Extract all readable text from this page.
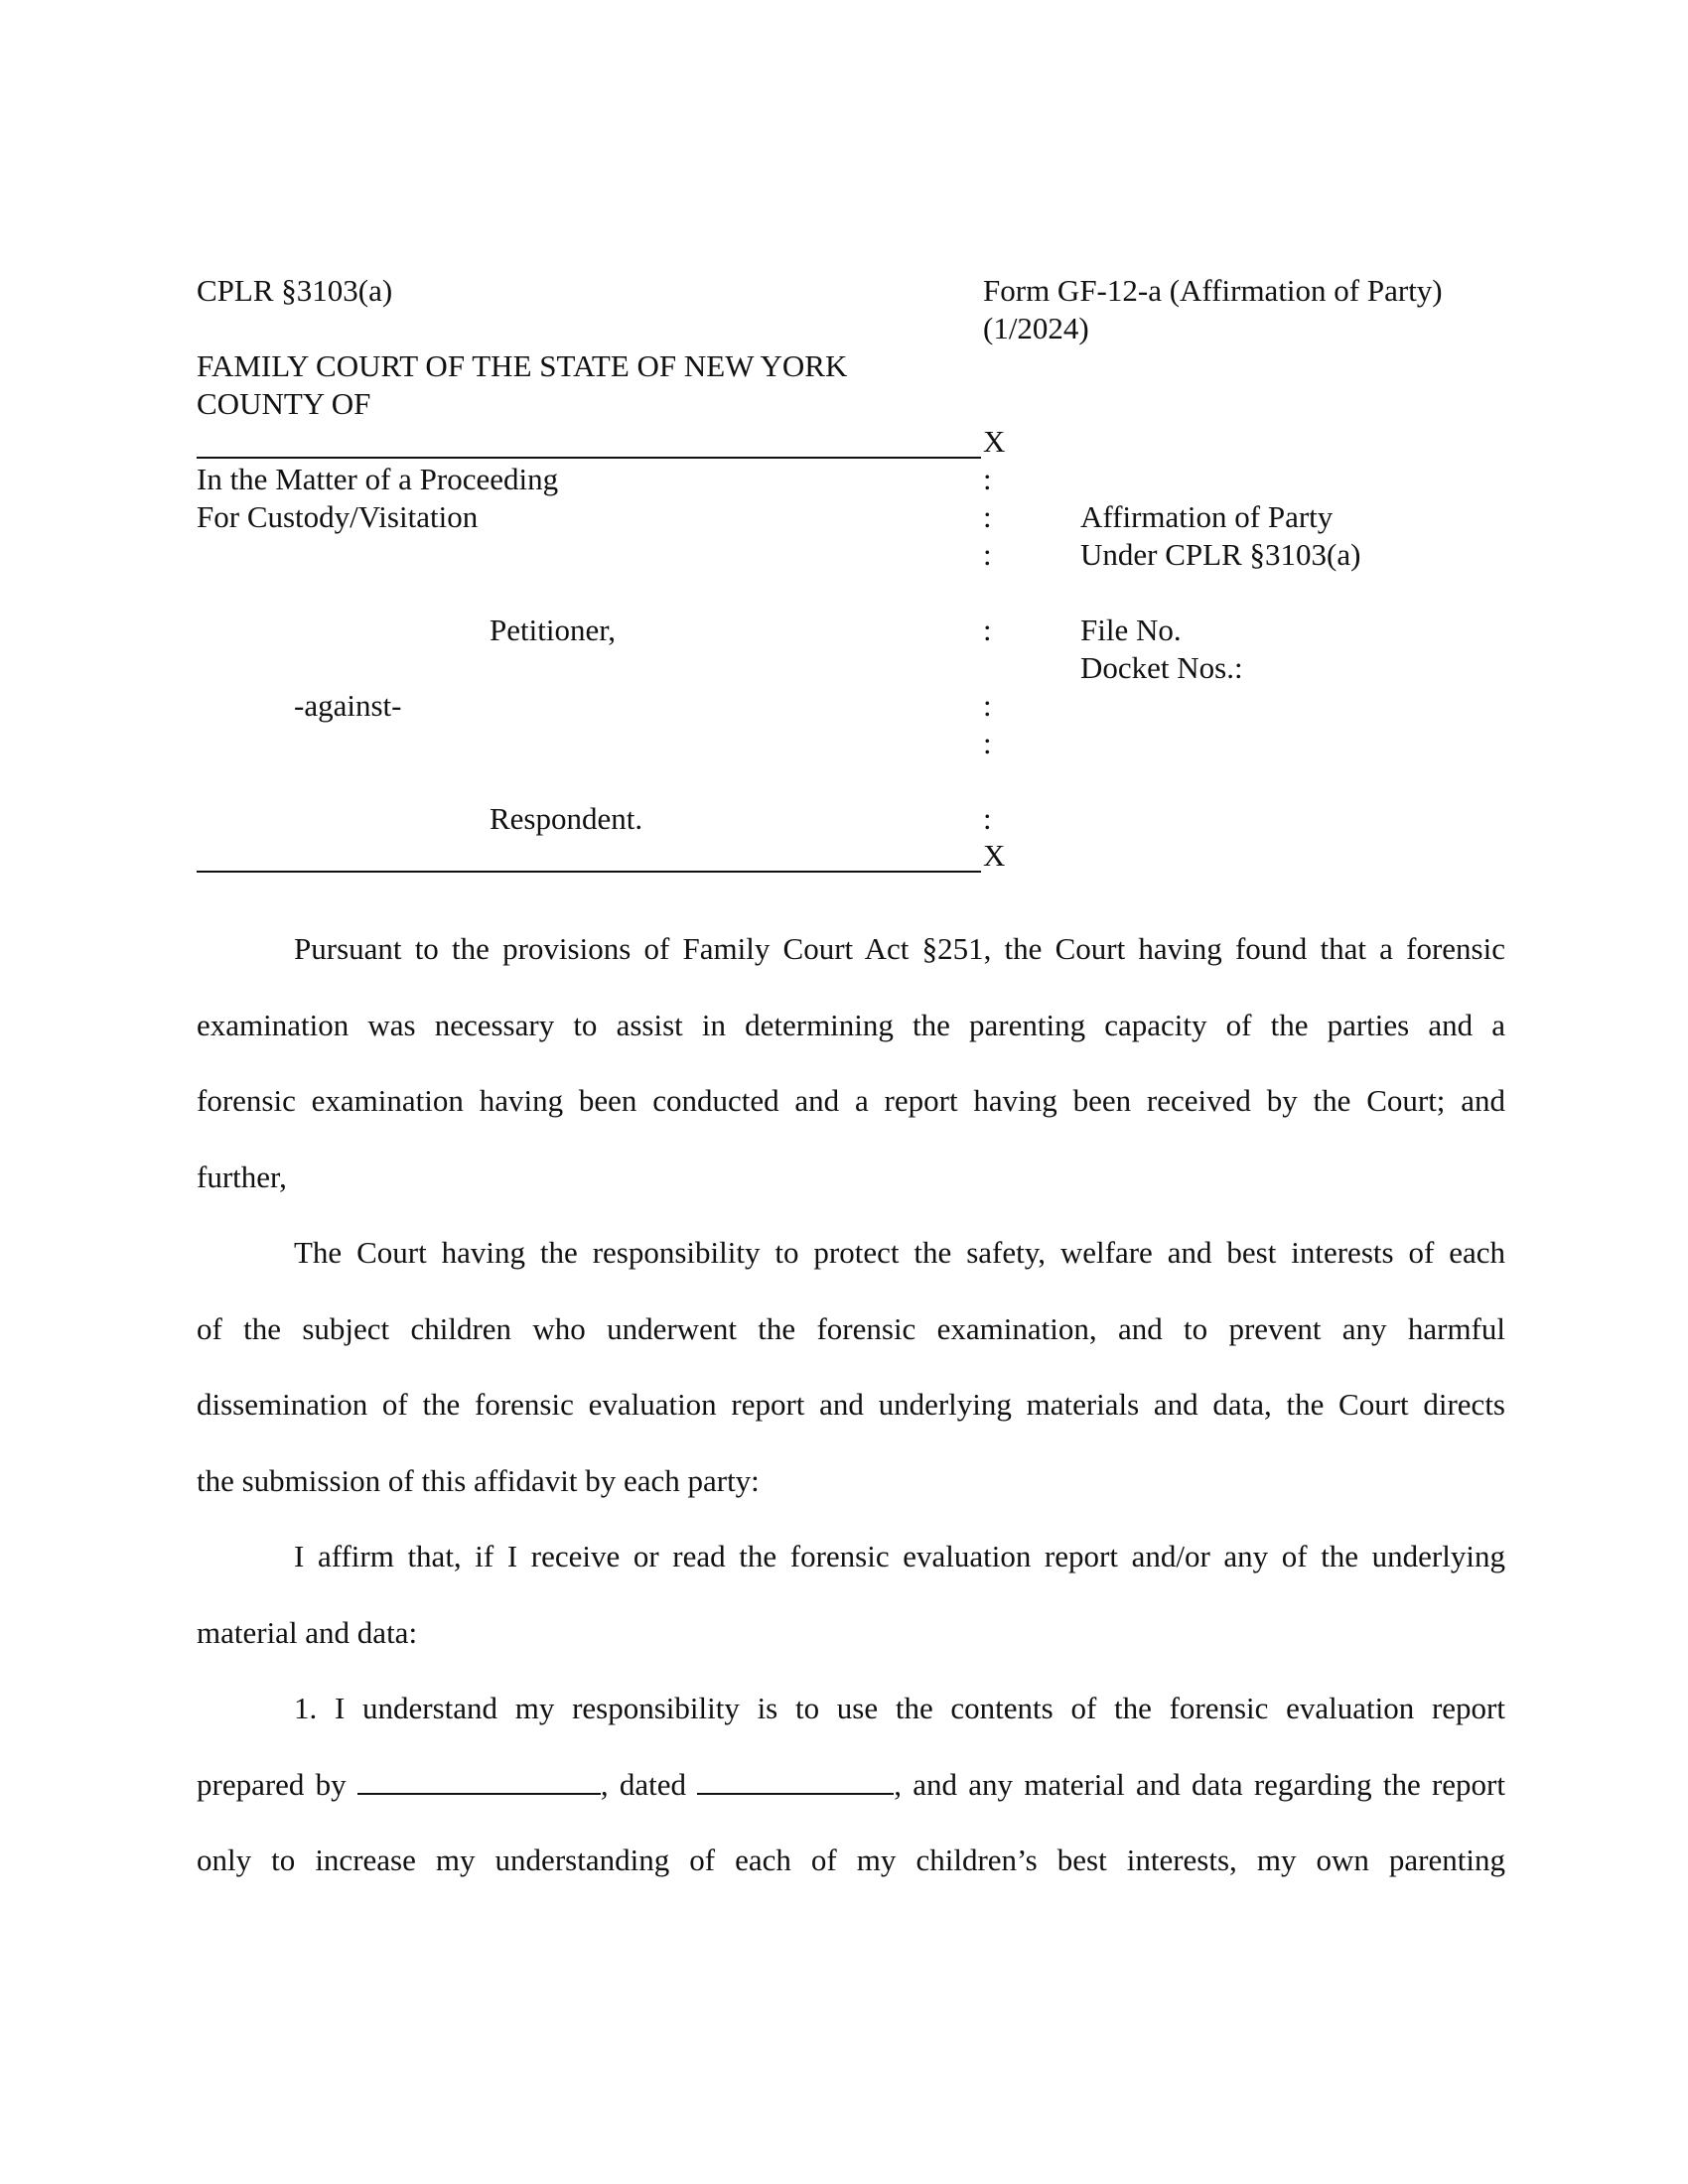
CPLR §3103(a)	Form GF-12-a (Affirmation of Party)
(1/2024)
FAMILY COURT OF THE STATE OF NEW YORK
COUNTY OF
X
In the Matter of a Proceeding	:
For Custody/Visitation	:	Affirmation of Party
:	Under CPLR §3103(a)
Petitioner,	:	File No.
Docket Nos.:
-against-	:
:
Respondent.	:
X
Pursuant to the provisions of Family Court Act §251, the Court having found that a forensic
examination was necessary to assist in determining the parenting capacity of the parties and a
forensic examination having been conducted and a report having been received by the Court; and
further,
The Court having the responsibility to protect the safety, welfare and best interests of each
of the subject children who underwent the forensic examination, and to prevent any harmful
dissemination of the forensic evaluation report and underlying materials and data, the Court directs
the submission of this affidavit by each party:
I affirm that, if I receive or read the forensic evaluation report and/or any of the underlying
material and data:
1. I understand my responsibility is to use the contents of the forensic evaluation report
prepared by	, dated	, and any material and data regarding the report
only to increase my understanding of each of my children’s best interests, my own parenting
